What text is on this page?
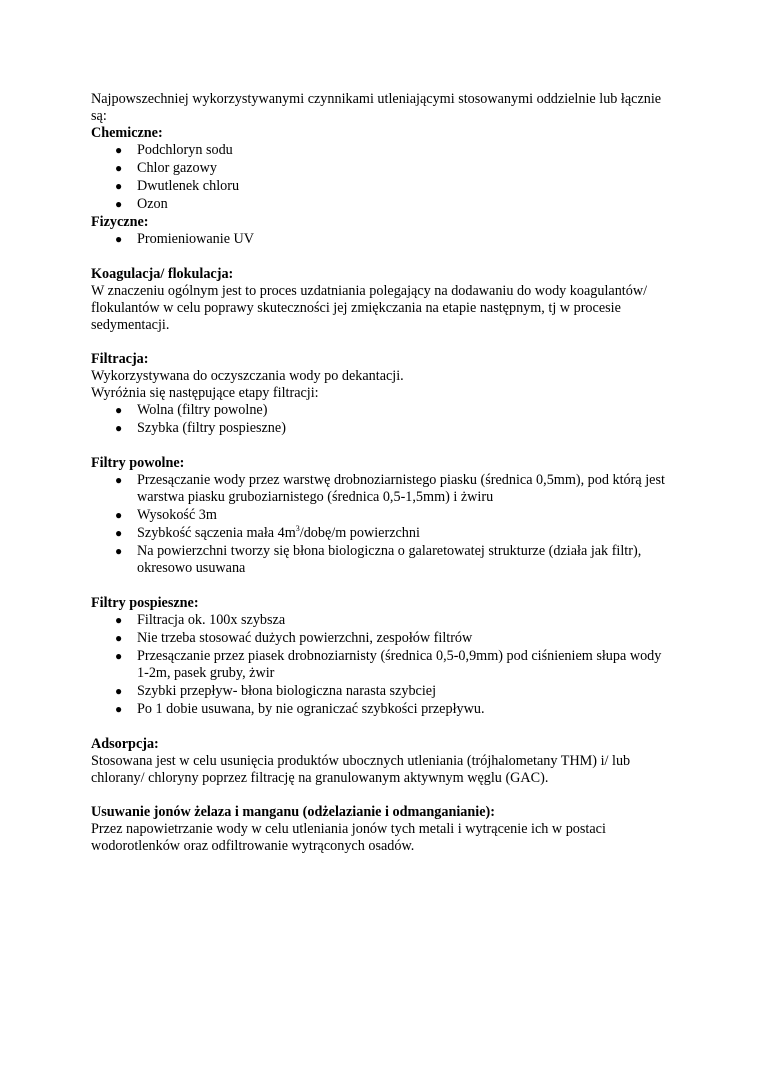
Najpowszechniej wykorzystywanymi czynnikami utleniającymi stosowanymi oddzielnie lub łącznie są:

Chemiczne:

● Podchloryn sodu
● Chlor gazowy
● Dwutlenek chloru
● Ozon

Fizyczne:

● Promieniowanie UV

Koagulacja/ flokulacja:

W znaczeniu ogólnym jest to proces uzdatniania polegający na dodawaniu do wody koagulantów/ flokulantów w celu poprawy skuteczności jej zmiękczania na etapie następnym, tj w procesie sedymentacji.

Filtracja:

Wykorzystywana do oczyszczania wody po dekantacji.

Wyróżnia się następujące etapy filtracji:

● Wolna (filtry powolne)
● Szybka (filtry pospieszne)

Filtry powolne:

● Przesączanie wody przez warstwę drobnoziarnistego piasku (średnica 0,5mm), pod którą jest warstwa piasku gruboziarnistego (średnica 0,5-1,5mm) i żwiru
● Wysokość 3m
● Szybkość sączenia mała $4m^3/dobę/m$ powierzchni
● Na powierzchni tworzy się błona biologiczna o galaretowatej strukturze (działa jak filtr), okresowo usuwana

Filtry pospieszne:

● Filtracja ok. 100x szybsza
● Nie trzeba stosować dużych powierzchni, zespołów filtrów
● Przesączanie przez piasek drobnoziarnisty (średnica 0,5-0,9mm) pod ciśnieniem słupa wody 1-2m, pasek gruby, żwir
● Szybki przepływ- błona biologiczna narasta szybciej
● Po 1 dobie usuwana, by nie ograniczać szybkości przepływu.

Adsorpcja:

Stosowana jest w celu usunięcia produktów ubocznych utleniania (trójhalometany THM) i/ lub chlorany/ chloryny poprzez filtrację na granulowanym aktywnym węglu (GAC).

Usuwanie jonów żelaza i manganu (odżelazianie i odmanganianie):

Przez napowietrzanie wody w celu utleniania jonów tych metali i wytrącenie ich w postaci wodorotlenków oraz odfiltrowanie wytrąconych osadów.
